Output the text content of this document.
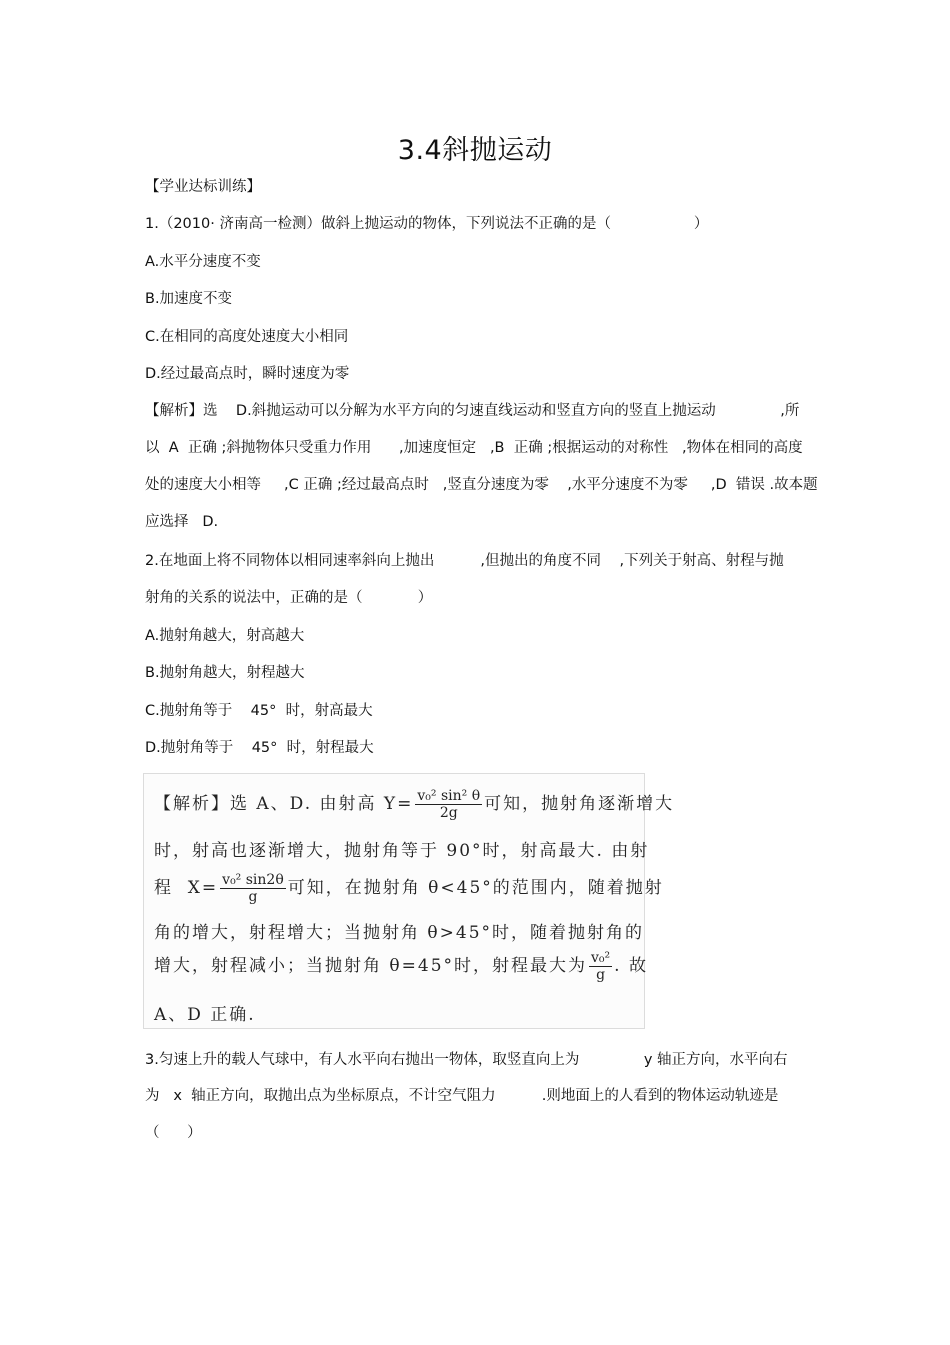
3.4斜抛运动
【学业达标训练】
1.（2010· 济南高一检测）做斜上抛运动的物体，下列说法不正确的是（                  ）
A.水平分速度不变
B.加速度不变
C.在相同的高度处速度大小相同
D.经过最高点时，瞬时速度为零
【解析】选    D.斜抛运动可以分解为水平方向的匀速直线运动和竖直方向的竖直上抛运动              ,所
以  A  正确 ;斜抛物体只受重力作用      ,加速度恒定   ,B  正确 ;根据运动的对称性   ,物体在相同的高度
处的速度大小相等     ,C 正确 ;经过最高点时   ,竖直分速度为零    ,水平分速度不为零     ,D  错误 .故本题
应选择   D.
2.在地面上将不同物体以相同速率斜向上抛出          ,但抛出的角度不同    ,下列关于射高、射程与抛
射角的关系的说法中，正确的是（            ）
A.抛射角越大，射高越大
B.抛射角越大，射程越大
C.抛射角等于    45°  时，射高最大
D.抛射角等于    45°  时，射程最大
【解析】选 A、D. 由射高 $Y= \frac{\text{v₀² sin² θ}}{2g}$ 可知，抛射角逐渐增大
时，射高也逐渐增大，抛射角等于 90°时，射高最大. 由射
程  $X= \frac{\text{v₀² sin2θ}}{g}$ 可知，在抛射角 θ<45°的范围内，随着抛射
角的增大，射程增大；当抛射角 θ>45°时，随着抛射角的
增大，射程减小；当抛射角 θ=45°时，射程最大为 $\frac{\text{v₀²}}{g}$ . 故
A、D 正确.
3.匀速上升的载人气球中，有人水平向右抛出一物体，取竖直向上为              y 轴正方向，水平向右
为   x  轴正方向，取抛出点为坐标原点，不计空气阻力          .则地面上的人看到的物体运动轨迹是
（      ）
